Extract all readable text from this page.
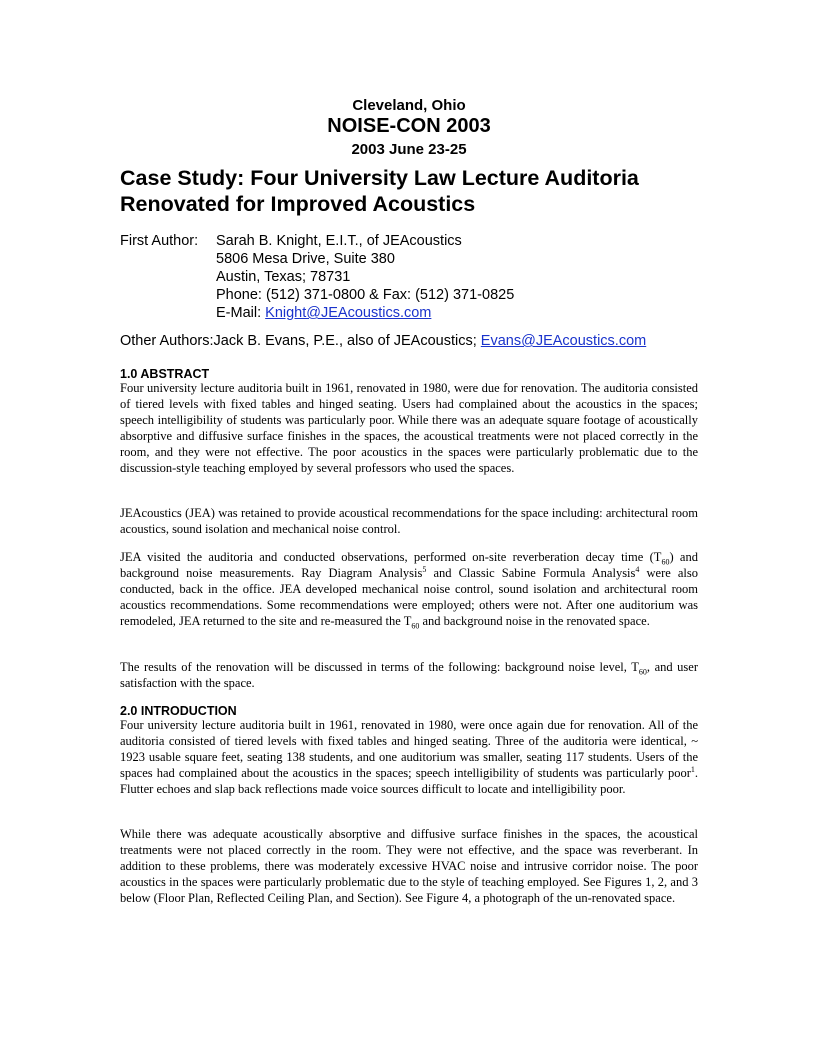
Cleveland, Ohio
NOISE-CON 2003
2003 June 23-25
Case Study: Four University Law Lecture Auditoria
Renovated for Improved Acoustics
First Author: Sarah B. Knight, E.I.T., of JEAcoustics
5806 Mesa Drive, Suite 380
Austin, Texas; 78731
Phone: (512) 371-0800 & Fax: (512) 371-0825
E-Mail: Knight@JEAcoustics.com
Other Authors:Jack B. Evans, P.E., also of JEAcoustics; Evans@JEAcoustics.com
1.0 ABSTRACT
Four university lecture auditoria built in 1961, renovated in 1980, were due for renovation. The auditoria consisted of tiered levels with fixed tables and hinged seating. Users had complained about the acoustics in the spaces; speech intelligibility of students was particularly poor. While there was an adequate square footage of acoustically absorptive and diffusive surface finishes in the spaces, the acoustical treatments were not placed correctly in the room, and they were not effective. The poor acoustics in the spaces were particularly problematic due to the discussion-style teaching employed by several professors who used the spaces.
JEAcoustics (JEA) was retained to provide acoustical recommendations for the space including: architectural room acoustics, sound isolation and mechanical noise control.
JEA visited the auditoria and conducted observations, performed on-site reverberation decay time $(T_{60})$ and background noise measurements. Ray Diagram Analysis$^5$ and Classic Sabine Formula Analysis$^4$ were also conducted, back in the office. JEA developed mechanical noise control, sound isolation and architectural room acoustics recommendations. Some recommendations were employed; others were not. After one auditorium was remodeled, JEA returned to the site and re-measured the $T_{60}$ and background noise in the renovated space.
The results of the renovation will be discussed in terms of the following: background noise level, $T_{60}$, and user satisfaction with the space.
2.0 INTRODUCTION
Four university lecture auditoria built in 1961, renovated in 1980, were once again due for renovation. All of the auditoria consisted of tiered levels with fixed tables and hinged seating. Three of the auditoria were identical, ~ 1923 usable square feet, seating 138 students, and one auditorium was smaller, seating 117 students. Users of the spaces had complained about the acoustics in the spaces; speech intelligibility of students was particularly poor$^1$. Flutter echoes and slap back reflections made voice sources difficult to locate and intelligibility poor.
While there was adequate acoustically absorptive and diffusive surface finishes in the spaces, the acoustical treatments were not placed correctly in the room. They were not effective, and the space was reverberant. In addition to these problems, there was moderately excessive HVAC noise and intrusive corridor noise. The poor acoustics in the spaces were particularly problematic due to the style of teaching employed. See Figures 1, 2, and 3 below (Floor Plan, Reflected Ceiling Plan, and Section). See Figure 4, a photograph of the un-renovated space.
